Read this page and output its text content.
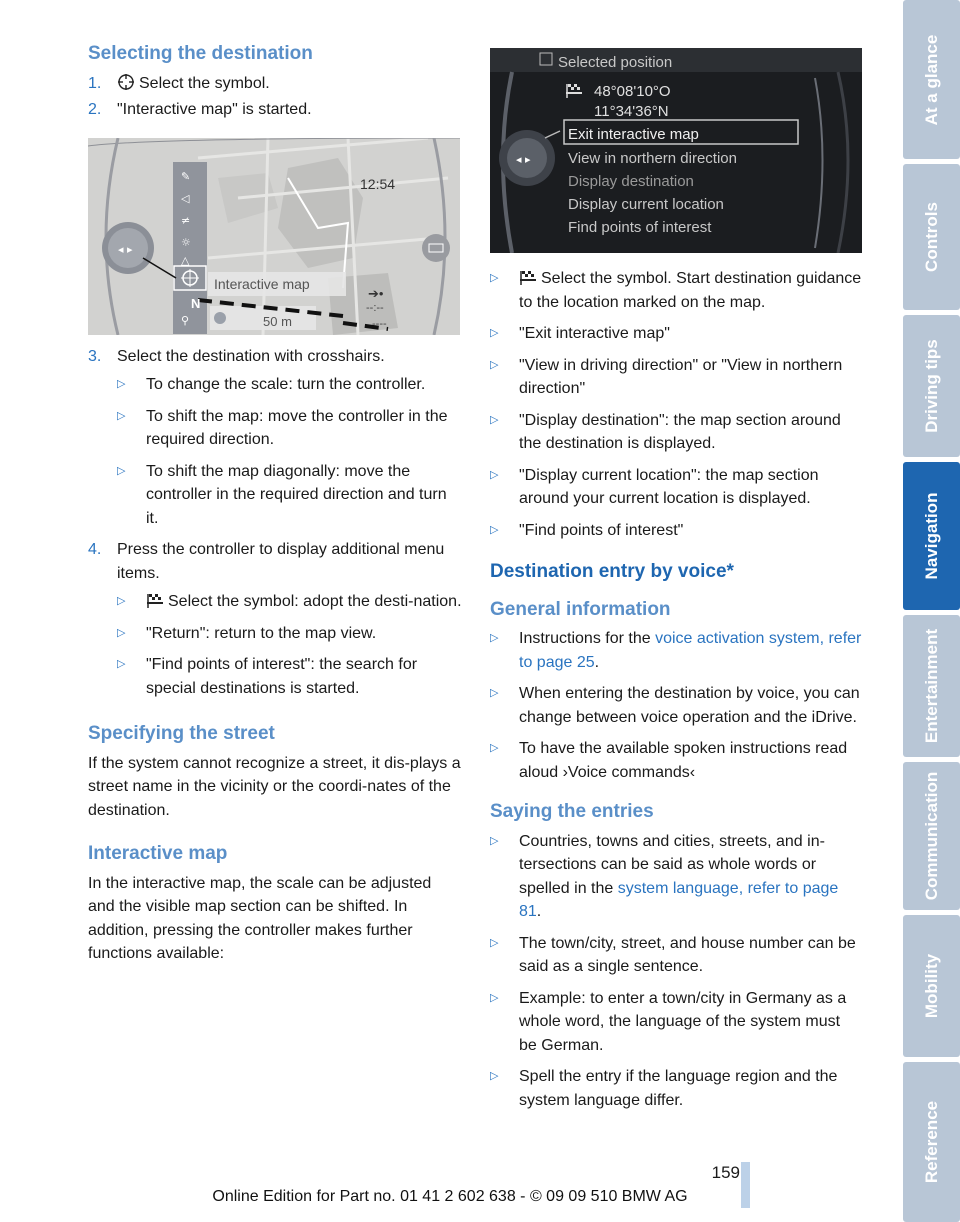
Selecting the destination
1.	Select the symbol.
2. "Interactive map" is started.
✎
◁
≠
☼
△
⚲
◂ ▸
12:54
Interactive map
50 m
N	--:--
----
➔•
3. Select the destination with crosshairs.
▷	To change the scale: turn the controller.
▷	To shift the map: move the controller in the required direction.
▷	To shift the map diagonally: move the controller in the required direction and turn it.
4. Press the controller to display additional menu items.
▷	Select the symbol: adopt the desti-nation.
▷	"Return": return to the map view.
▷	"Find points of interest": the search for special destinations is started.
Specifying the street
If the system cannot recognize a street, it dis-plays a street name in the vicinity or the coordi-nates of the destination.
Interactive map
In the interactive map, the scale can be adjusted and the visible map section can be shifted. In addition, pressing the controller makes further functions available:
◂ ▸
Selected position
48°08'10°O
11°34'36°N
Exit interactive map
View in northern direction
Display destination
Display current location
Find points of interest
▷	Select the symbol. Start destination guidance to the location marked on the map.
▷	"Exit interactive map"
▷	"View in driving direction" or "View in northern direction"
▷	"Display destination": the map section around the destination is displayed.
▷	"Display current location": the map section around your current location is displayed.
▷	"Find points of interest"
Destination entry by voice*
General information
▷	Instructions for the voice activation system, refer to page 25.
▷	When entering the destination by voice, you can change between voice operation and the iDrive.
▷	To have the available spoken instructions read aloud ›Voice commands‹
Saying the entries
▷	Countries, towns and cities, streets, and in-tersections can be said as whole words or spelled in the system language, refer to page 81.
▷	The town/city, street, and house number can be said as a single sentence.
▷	Example: to enter a town/city in Germany as a whole word, the language of the system must be German.
▷	Spell the entry if the language region and the system language differ.
159
Online Edition for Part no. 01 41 2 602 638 - © 09 09 510 BMW AG
At a glance
Controls
Driving tips
Navigation
Entertainment
Communication
Mobility
Reference
